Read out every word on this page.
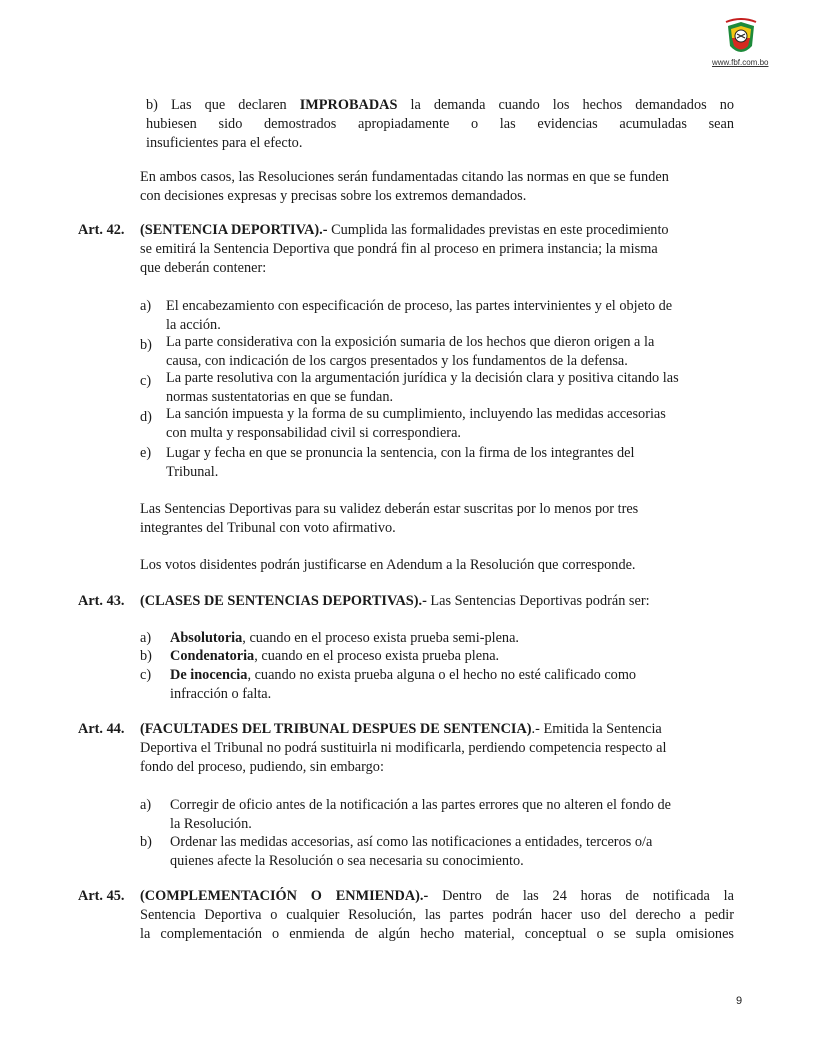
www.fbf.com.bo
b) Las que declaren IMPROBADAS la demanda cuando los hechos demandados no
hubiesen sido demostrados apropiadamente o las evidencias acumuladas sean
insuficientes para el efecto.
En ambos casos, las Resoluciones serán fundamentadas citando las normas en que se funden
con decisiones expresas y precisas sobre los extremos demandados.
Art. 42. (SENTENCIA DEPORTIVA).- Cumplida las formalidades previstas en este procedimiento
se emitirá la Sentencia Deportiva que pondrá fin al proceso en primera instancia; la misma
que deberán contener:
a) El encabezamiento con especificación de proceso, las partes intervinientes y el objeto de
la acción.
b) La parte considerativa con la exposición sumaria de los hechos que dieron origen a la
causa, con indicación de los cargos presentados y los fundamentos de la defensa.
c) La parte resolutiva con la argumentación jurídica y la decisión clara y positiva citando las
normas sustentatorias en que se fundan.
d) La sanción impuesta y la forma de su cumplimiento, incluyendo las medidas accesorias
con multa y responsabilidad civil si correspondiera.
e) Lugar y fecha en que se pronuncia la sentencia, con la firma de los integrantes del
Tribunal.
Las Sentencias Deportivas para su validez deberán estar suscritas por lo menos por tres
integrantes del Tribunal con voto afirmativo.
Los votos disidentes podrán justificarse en Adendum a la Resolución que corresponde.
Art. 43. (CLASES DE SENTENCIAS DEPORTIVAS).- Las Sentencias Deportivas podrán ser:
a) Absolutoria, cuando en el proceso exista prueba semi-plena.
b) Condenatoria, cuando en el proceso exista prueba plena.
c) De inocencia, cuando no exista prueba alguna o el hecho no esté calificado como
infracción o falta.
Art. 44. (FACULTADES DEL TRIBUNAL DESPUES DE SENTENCIA).- Emitida la Sentencia
Deportiva el Tribunal no podrá sustituirla ni modificarla, perdiendo competencia respecto al
fondo del proceso, pudiendo, sin embargo:
a) Corregir de oficio antes de la notificación a las partes errores que no alteren el fondo de
la Resolución.
b) Ordenar las medidas accesorias, así como las notificaciones a entidades, terceros o/a
quienes afecte la Resolución o sea necesaria su conocimiento.
Art. 45. (COMPLEMENTACIÓN O ENMIENDA).- Dentro de las 24 horas de notificada la
Sentencia Deportiva o cualquier Resolución, las partes podrán hacer uso del derecho a pedir
la complementación o enmienda de algún hecho material, conceptual o se supla omisiones
9
